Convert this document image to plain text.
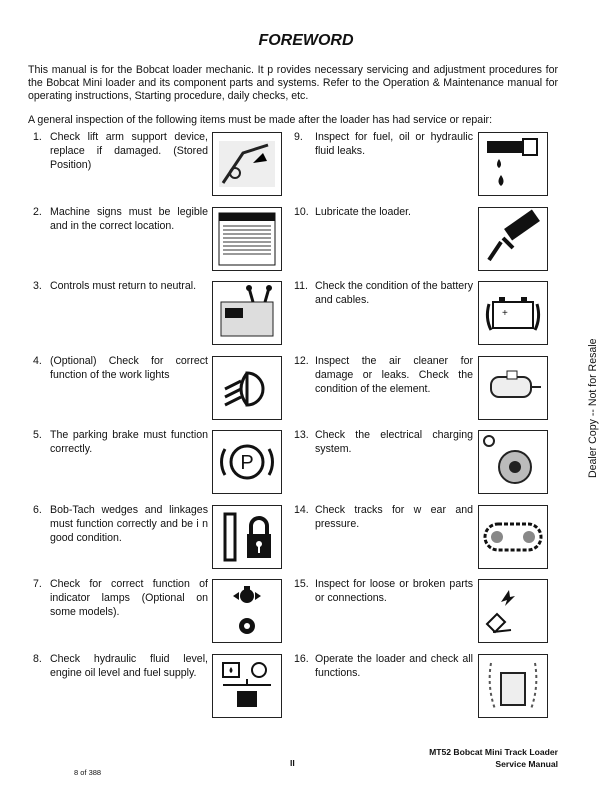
FOREWORD

This manual is for the Bobcat loader mechanic. It p rovides necessary servicing and adjustment procedures for the Bobcat Mini loader and its component parts and systems. Refer to the Operation & Maintenance manual for operating instructions, Starting procedure, daily checks, etc.

A general inspection of the following items must be made after the loader has had service or repair:

1. Check lift arm support device, replace if damaged. (Stored Position)
2. Machine signs must be legible and in the correct location.
3. Controls must return to neutral.
4. (Optional) Check for correct function of the work lights
5. The parking brake must function correctly.
P
6. Bob-Tach wedges and linkages must function correctly and be i n good condition.
7. Check for correct function of indicator lamps (Optional on some models).
8. Check hydraulic fluid level, engine oil level and fuel supply.
9. Inspect for fuel, oil or hydraulic fluid leaks.
10. Lubricate the loader.
11. Check the condition of the battery and cables.
+
12. Inspect the air cleaner for damage or leaks. Check the condition of the element.
13. Check the electrical charging system.
14. Check tracks for w ear and pressure.
15. Inspect for loose or broken parts or connections.
16. Operate the loader and check all functions.
Dealer Copy -- Not for Resale
MT52 Bobcat Mini Track Loader
Service Manual
II
8 of 388
